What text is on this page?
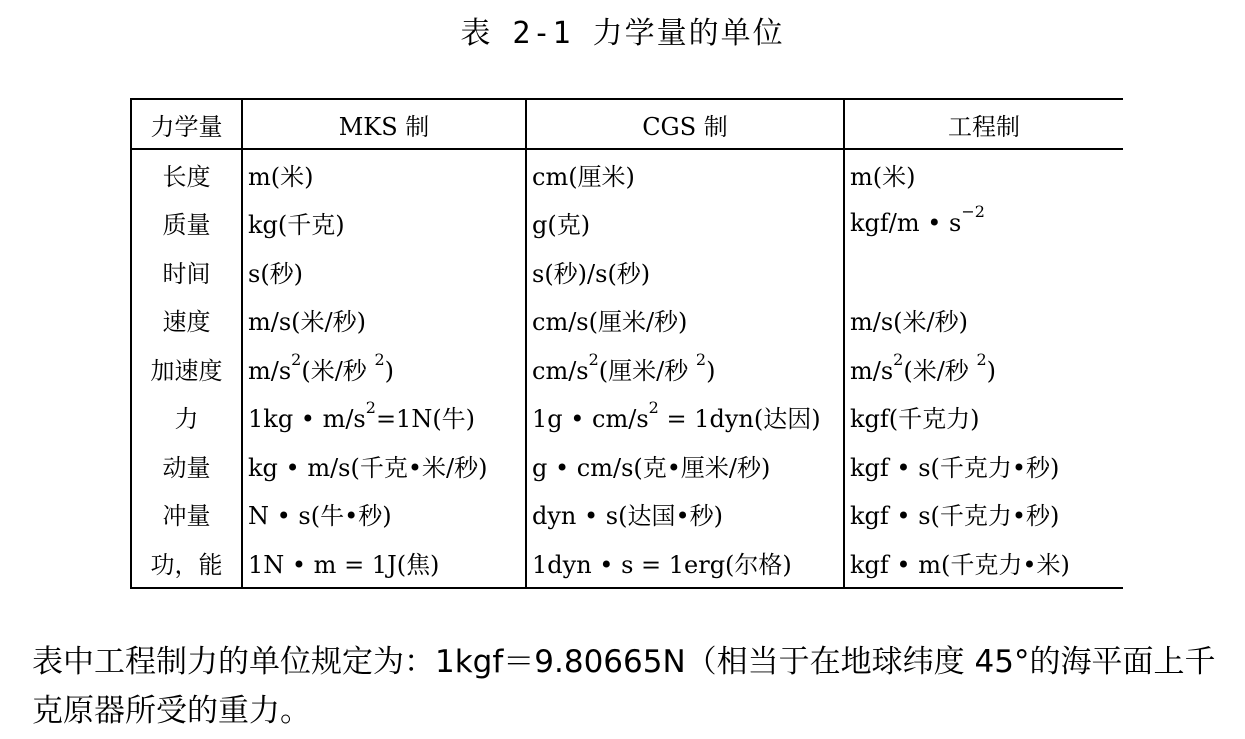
表 2-1 力学量的单位
力学量	MKS 制	CGS 制	工程制
长度	m(米)	cm(厘米)	m(米)
质量	kg(千克)	g(克)	kgf/m • $s^{-2}$
时间	s(秒)	s(秒)/s(秒)	
速度	m/s(米/秒)	cm/s(厘米/秒)	m/s(米/秒)
加速度	$m/s^2$(米/秒 $^2$)	$cm/s^2$(厘米/秒 $^2$)	$m/s^2$(米/秒 $^2$)
力	1kg • $m/s^2=1N$(牛)	1g • $cm/s^2 = 1dyn$(达因)	kgf(千克力)
动量	kg • m/s(千克•米/秒)	g • cm/s(克•厘米/秒)	kgf • s(千克力•秒)
冲量	N • s(牛•秒)	dyn • s(达国•秒)	kgf • s(千克力•秒)
功，能	1N • m = 1J(焦)	1dyn • s = 1erg(尔格)	kgf • m(千克力•米)
表中工程制力的单位规定为：1kgf＝9.80665N（相当于在地球纬度 45°的海平面上千克原器所受的重力。
